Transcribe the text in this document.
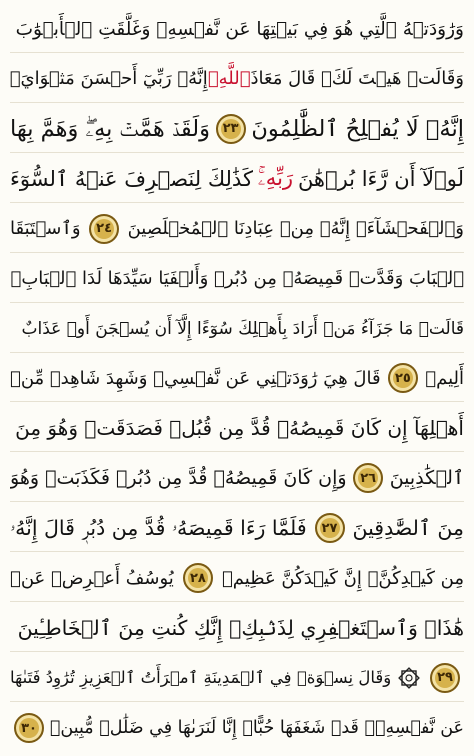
وَرَٰوَدَتۡهُ ٱلَّتِي هُوَ فِي بَيۡتِهَا عَن نَّفۡسِهِۦ وَغَلَّقَتِ ٱلۡأَبۡوَٰبَ
وَقَالَتۡ هَيۡتَ لَكَۚ قَالَ مَعَاذَ
ٱللَّهِۖ
إِنَّهُۥ رَبِّيٓ أَحۡسَنَ مَثۡوَايَۖ
إِنَّهُۥ لَا يُفۡلِحُ ٱلظَّٰلِمُونَ
٢٣
وَلَقَدۡ هَمَّتۡ بِهِۦۖ وَهَمَّ بِهَا
لَوۡلَآ أَن رَّءَا بُرۡهَٰنَ
رَبِّهِۦۚ
كَذَٰلِكَ لِنَصۡرِفَ عَنۡهُ ٱلسُّوٓءَ
وَٱلۡفَحۡشَآءَۚ إِنَّهُۥ مِنۡ عِبَادِنَا ٱلۡمُخۡلَصِينَ
٢٤
وَٱسۡتَبَقَا
ٱلۡبَابَ وَقَدَّتۡ قَمِيصَهُۥ مِن دُبُرٖ وَأَلۡفَيَا سَيِّدَهَا لَدَا ٱلۡبَابِۚ
قَالَتۡ مَا جَزَآءُ مَنۡ أَرَادَ بِأَهۡلِكَ سُوٓءًا إِلَّآ أَن يُسۡجَنَ أَوۡ عَذَابٌ
أَلِيمٞ
٢٥
قَالَ هِيَ رَٰوَدَتۡنِي عَن نَّفۡسِيۚ وَشَهِدَ شَاهِدٞ مِّنۡ
أَهۡلِهَآ إِن كَانَ قَمِيصُهُۥ قُدَّ مِن قُبُلٖ فَصَدَقَتۡ وَهُوَ مِنَ
ٱلۡكَٰذِبِينَ
٢٦
وَإِن كَانَ قَمِيصُهُۥ قُدَّ مِن دُبُرٖ فَكَذَبَتۡ وَهُوَ
مِنَ ٱلصَّٰدِقِينَ
٢٧
فَلَمَّا رَءَا قَمِيصَهُۥ قُدَّ مِن دُبُرٖ قَالَ إِنَّهُۥ
مِن كَيۡدِكُنَّۖ إِنَّ كَيۡدَكُنَّ عَظِيمٞ
٢٨
يُوسُفُ أَعۡرِضۡ عَنۡ
هَٰذَاۚ وَٱسۡتَغۡفِرِي لِذَنۢبِكِۖ إِنَّكِ كُنتِ مِنَ ٱلۡخَاطِـِٔينَ
٢٩
وَقَالَ نِسۡوَةٞ فِي ٱلۡمَدِينَةِ ٱمۡرَأَتُ ٱلۡعَزِيزِ تُرَٰوِدُ فَتَىٰهَا
عَن نَّفۡسِهِۦۖ قَدۡ شَغَفَهَا حُبًّاۖ إِنَّا لَنَرَىٰهَا فِي ضَلَٰلٖ مُّبِينٖ
٣٠
